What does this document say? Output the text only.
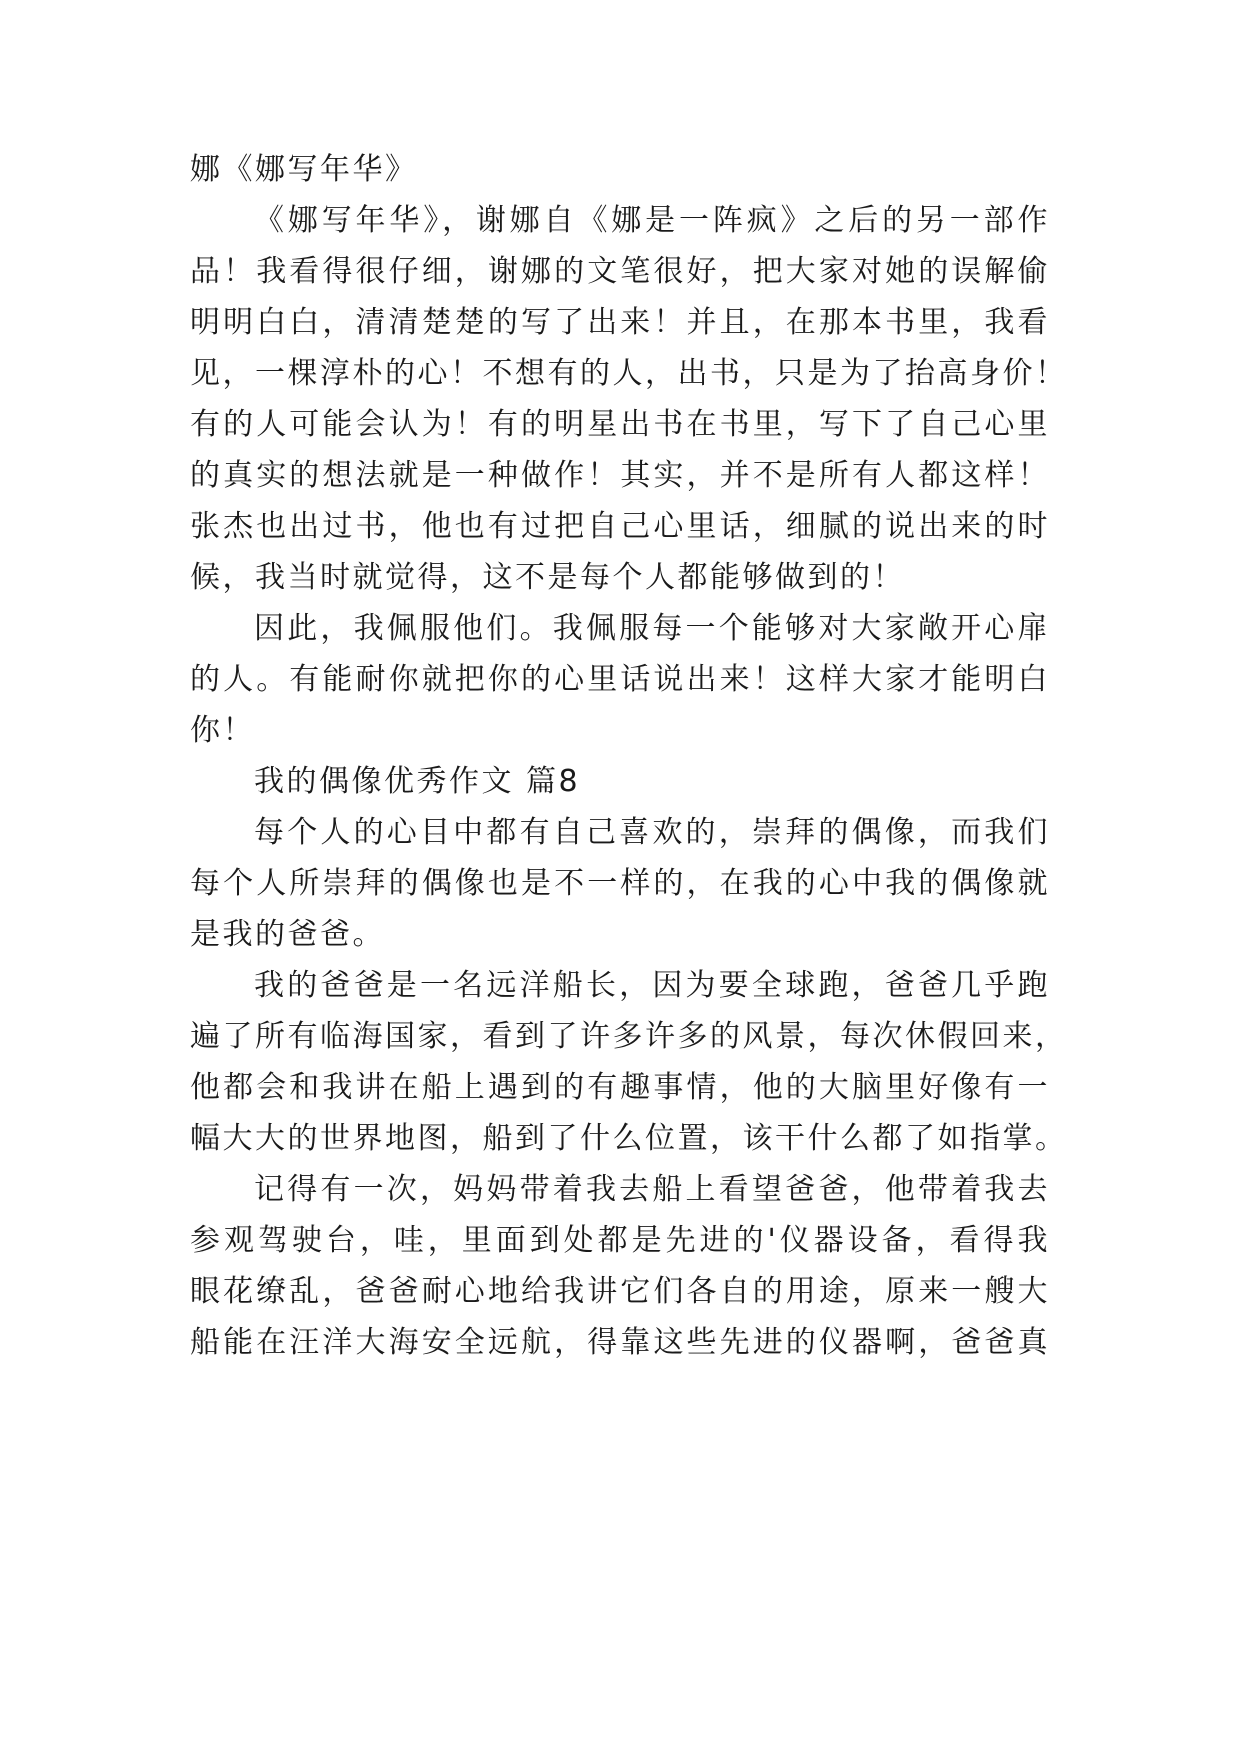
娜《娜写年华》
《娜写年华》，谢娜自《娜是一阵疯》之后的另一部作
品！我看得很仔细，谢娜的文笔很好，把大家对她的误解偷
明明白白，清清楚楚的写了出来！并且，在那本书里，我看
见，一棵淳朴的心！不想有的人，出书，只是为了抬高身价！
有的人可能会认为！有的明星出书在书里，写下了自己心里
的真实的想法就是一种做作！其实，并不是所有人都这样！
张杰也出过书，他也有过把自己心里话，细腻的说出来的时
候，我当时就觉得，这不是每个人都能够做到的！
因此，我佩服他们。我佩服每一个能够对大家敞开心扉
的人。有能耐你就把你的心里话说出来！这样大家才能明白
你！
我的偶像优秀作文 篇8
每个人的心目中都有自己喜欢的，崇拜的偶像，而我们
每个人所崇拜的偶像也是不一样的，在我的心中我的偶像就
是我的爸爸。
我的爸爸是一名远洋船长，因为要全球跑，爸爸几乎跑
遍了所有临海国家，看到了许多许多的风景，每次休假回来，
他都会和我讲在船上遇到的有趣事情，他的大脑里好像有一
幅大大的世界地图，船到了什么位置，该干什么都了如指掌。
记得有一次，妈妈带着我去船上看望爸爸，他带着我去
参观驾驶台，哇，里面到处都是先进的'仪器设备，看得我
眼花缭乱，爸爸耐心地给我讲它们各自的用途，原来一艘大
船能在汪洋大海安全远航，得靠这些先进的仪器啊，爸爸真
